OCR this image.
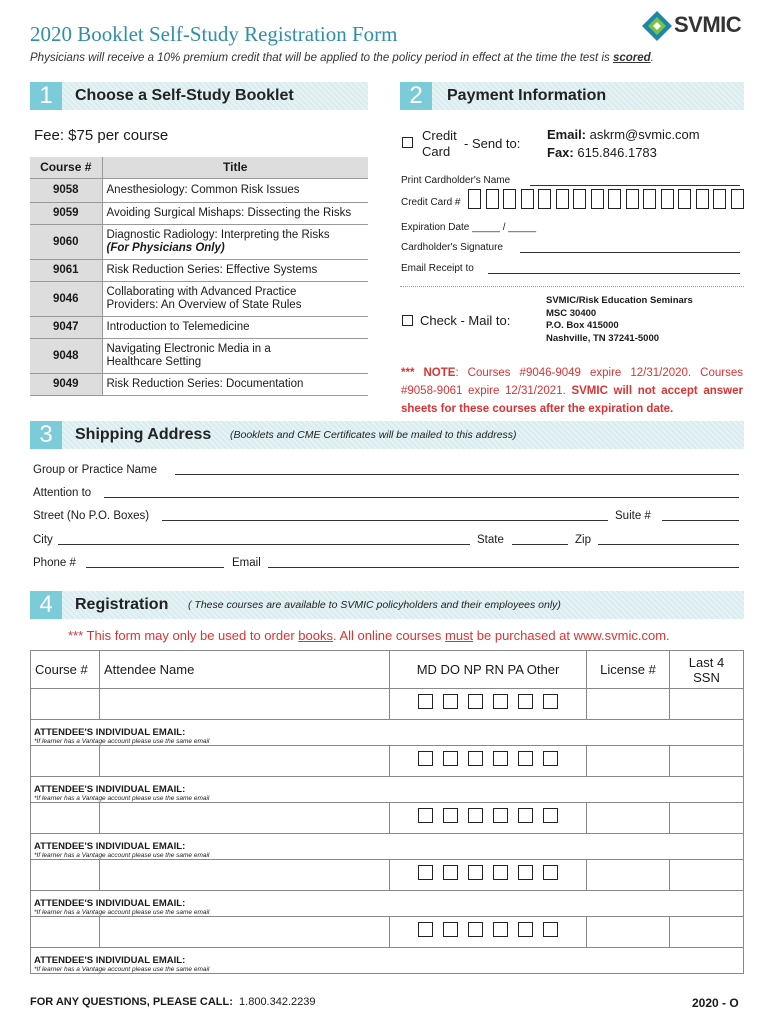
2020 Booklet Self-Study Registration Form
Physicians will receive a 10% premium credit that will be applied to the policy period in effect at the time the test is scored.
SVMIC
1	Choose a Self-Study Booklet	2	Payment Information
Fee: $75 per course
Course #	Title
9058	Anesthesiology: Common Risk Issues

9059	Avoiding Surgical Mishaps: Dissecting the Risks

9060	Diagnostic Radiology: Interpreting the Risks
(For Physicians Only)

9061	Risk Reduction Series: Effective Systems

9046	Collaborating with Advanced Practice
Providers: An Overview of State Rules

9047	Introduction to Telemedicine

9048	Navigating Electronic Media in a
Healthcare Setting

9049	Risk Reduction Series: Documentation
Credit
Card
- Send to:
Email: askrm@svmic.com
Fax: 615.846.1783
Print Cardholder's Name
Credit Card #
Expiration Date _____ / _____
Cardholder's Signature
Email Receipt to
Check - Mail to:
SVMIC/Risk Education Seminars
MSC 30400
P.O. Box 415000
Nashville, TN 37241-5000
*** NOTE: Courses #9046-9049 expire 12/31/2020. Courses #9058-9061 expire 12/31/2021. SVMIC will not accept answer sheets for these courses after the expiration date.
3	Shipping Address (Booklets and CME Certificates will be mailed to this address)
Group or Practice Name
Attention to
Street (No P.O. Boxes)	Suite #
City	State	Zip
Phone #	Email
4	Registration ( These courses are available to SVMIC policyholders and their employees only)
*** This form may only be used to order books. All online courses must be purchased at www.svmic.com.
Course #	Attendee Name	MD DO NP RN PA Other	License #	Last 4
SSN

ATTENDEE'S INDIVIDUAL EMAIL:
*If learner has a Vantage account please use the same email				

ATTENDEE'S INDIVIDUAL EMAIL:
*If learner has a Vantage account please use the same email				

ATTENDEE'S INDIVIDUAL EMAIL:
*If learner has a Vantage account please use the same email				

ATTENDEE'S INDIVIDUAL EMAIL:
*If learner has a Vantage account please use the same email				

ATTENDEE'S INDIVIDUAL EMAIL:
*If learner has a Vantage account please use the same email				
FOR ANY QUESTIONS, PLEASE CALL: 1.800.342.2239	2020 - O
